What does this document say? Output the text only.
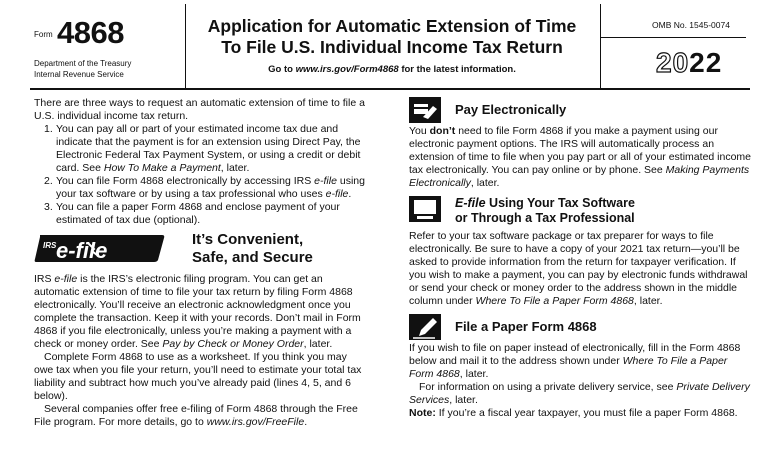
Form 4868
Department of the Treasury
Internal Revenue Service
Application for Automatic Extension of Time
To File U.S. Individual Income Tax Return
Go to www.irs.gov/Form4868 for the latest information.
OMB No. 1545-0074
2022

There are three ways to request an automatic extension of time to file a U.S. individual income tax return.

1. You can pay all or part of your estimated income tax due and indicate that the payment is for an extension using Direct Pay, the Electronic Federal Tax Payment System, or using a credit or debit card. See How To Make a Payment, later.
2. You can file Form 4868 electronically by accessing IRS e-file using your tax software or by using a tax professional who uses e-file.
3. You can file a paper Form 4868 and enclose payment of your estimated of tax due (optional).
IRS e-file	It’s Convenient,
Safe, and Secure

IRS e-file is the IRS’s electronic filing program. You can get an automatic extension of time to file your tax return by filing Form 4868 electronically. You’ll receive an electronic acknowledgment once you complete the transaction. Keep it with your records. Don’t mail in Form 4868 if you file electronically, unless you’re making a payment with a check or money order. See Pay by Check or Money Order, later.

Complete Form 4868 to use as a worksheet. If you think you may owe tax when you file your return, you’ll need to estimate your total tax liability and subtract how much you’ve already paid (lines 4, 5, and 6 below).

Several companies offer free e-filing of Form 4868 through the Free File program. For more details, go to www.irs.gov/FreeFile.

Pay Electronically

You don’t need to file Form 4868 if you make a payment using our electronic payment options. The IRS will automatically process an extension of time to file when you pay part or all of your estimated income tax electronically. You can pay online or by phone. See Making Payments Electronically, later.

E-file Using Your Tax Software
or Through a Tax Professional

Refer to your tax software package or tax preparer for ways to file electronically. Be sure to have a copy of your 2021 tax return—you’ll be asked to provide information from the return for taxpayer verification. If you wish to make a payment, you can pay by electronic funds withdrawal or send your check or money order to the address shown in the middle column under Where To File a Paper Form 4868, later.

File a Paper Form 4868

If you wish to file on paper instead of electronically, fill in the Form 4868 below and mail it to the address shown under Where To File a Paper Form 4868, later.

For information on using a private delivery service, see Private Delivery Services, later.

Note: If you’re a fiscal year taxpayer, you must file a paper Form 4868.
